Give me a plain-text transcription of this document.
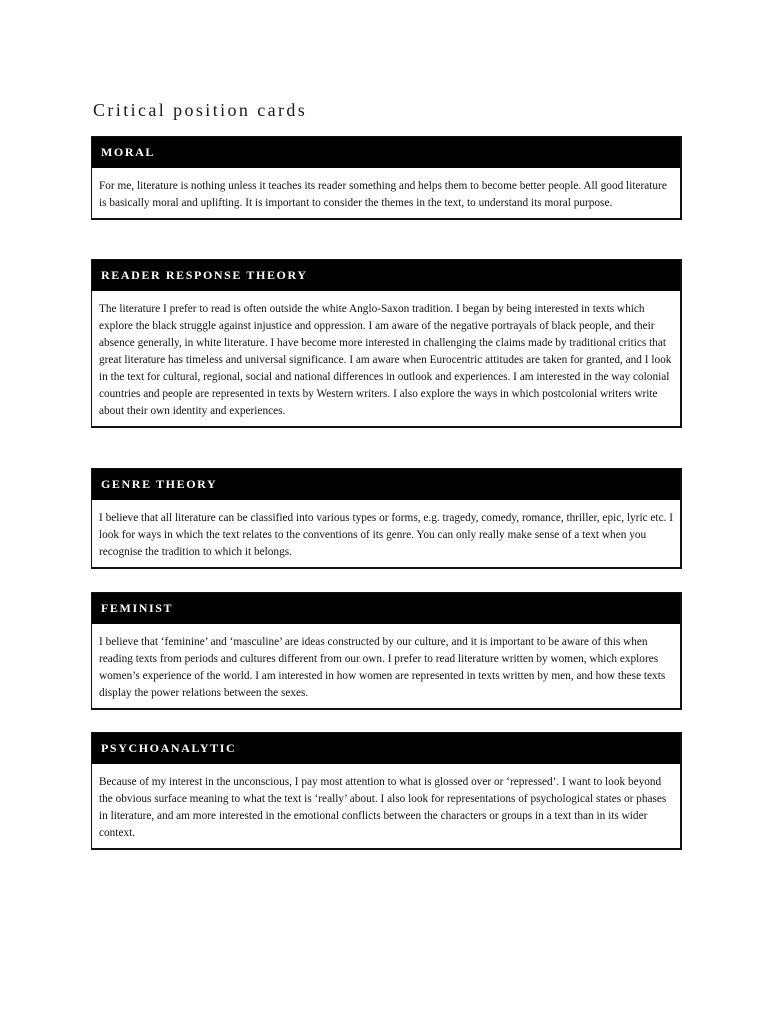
Critical position cards
MORAL
For me, literature is nothing unless it teaches its reader something and helps them to become better people. All good literature is basically moral and uplifting. It is important to consider the themes in the text, to understand its moral purpose.
READER RESPONSE THEORY
The literature I prefer to read is often outside the white Anglo-Saxon tradition. I began by being interested in texts which explore the black struggle against injustice and oppression. I am aware of the negative portrayals of black people, and their absence generally, in white literature. I have become more interested in challenging the claims made by traditional critics that great literature has timeless and universal significance. I am aware when Eurocentric attitudes are taken for granted, and I look in the text for cultural, regional, social and national differences in outlook and experiences. I am interested in the way colonial countries and people are represented in texts by Western writers. I also explore the ways in which postcolonial writers write about their own identity and experiences.
GENRE THEORY
I believe that all literature can be classified into various types or forms, e.g. tragedy, comedy, romance, thriller, epic, lyric etc. I look for ways in which the text relates to the conventions of its genre. You can only really make sense of a text when you recognise the tradition to which it belongs.
FEMINIST
I believe that ‘feminine’ and ‘masculine’ are ideas constructed by our culture, and it is important to be aware of this when reading texts from periods and cultures different from our own. I prefer to read literature written by women, which explores women’s experience of the world. I am interested in how women are represented in texts written by men, and how these texts display the power relations between the sexes.
PSYCHOANALYTIC
Because of my interest in the unconscious, I pay most attention to what is glossed over or ‘repressed’. I want to look beyond the obvious surface meaning to what the text is ‘really’ about. I also look for representations of psychological states or phases in literature, and am more interested in the emotional conflicts between the characters or groups in a text than in its wider context.
